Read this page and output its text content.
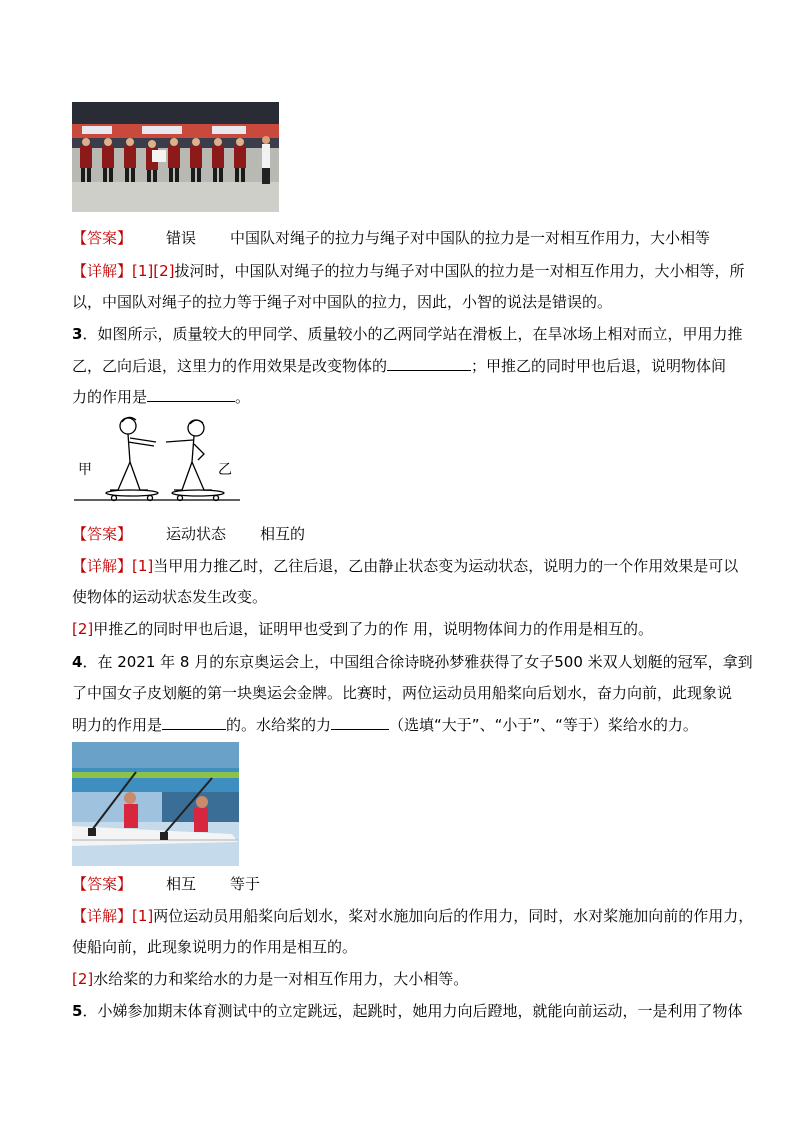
【答案】 错误 中国队对绳子的拉力与绳子对中国队的拉力是一对相互作用力，大小相等
【详解】[1][2]拔河时，中国队对绳子的拉力与绳子对中国队的拉力是一对相互作用力，大小相等，所
以，中国队对绳子的拉力等于绳子对中国队的拉力，因此，小智的说法是错误的。
3．如图所示，质量较大的甲同学、质量较小的乙两同学站在滑板上，在旱冰场上相对而立，甲用力推
乙，乙向后退，这里力的作用效果是改变物体的	；甲推乙的同时甲也后退，说明物体间
力的作用是	。
甲	乙
【答案】 运动状态 相互的
【详解】[1]当甲用力推乙时，乙往后退，乙由静止状态变为运动状态，说明力的一个作用效果是可以
使物体的运动状态发生改变。
[2]甲推乙的同时甲也后退，证明甲也受到了力的作 用，说明物体间力的作用是相互的。
4．在 2021 年 8 月的东京奥运会上，中国组合徐诗晓孙梦雅获得了女子500 米双人划艇的冠军，拿到
了中国女子皮划艇的第一块奥运会金牌。比赛时，两位运动员用船桨向后划水，奋力向前，此现象说
明力的作用是	的。水给桨的力	（选填“大于”、“小于”、“等于）桨给水的力。
【答案】 相互 等于
【详解】[1]两位运动员用船桨向后划水，桨对水施加向后的作用力，同时，水对桨施加向前的作用力，
使船向前，此现象说明力的作用是相互的。
[2]水给桨的力和桨给水的力是一对相互作用力，大小相等。
5．小娣参加期末体育测试中的立定跳远，起跳时，她用力向后蹬地，就能向前运动，一是利用了物体
